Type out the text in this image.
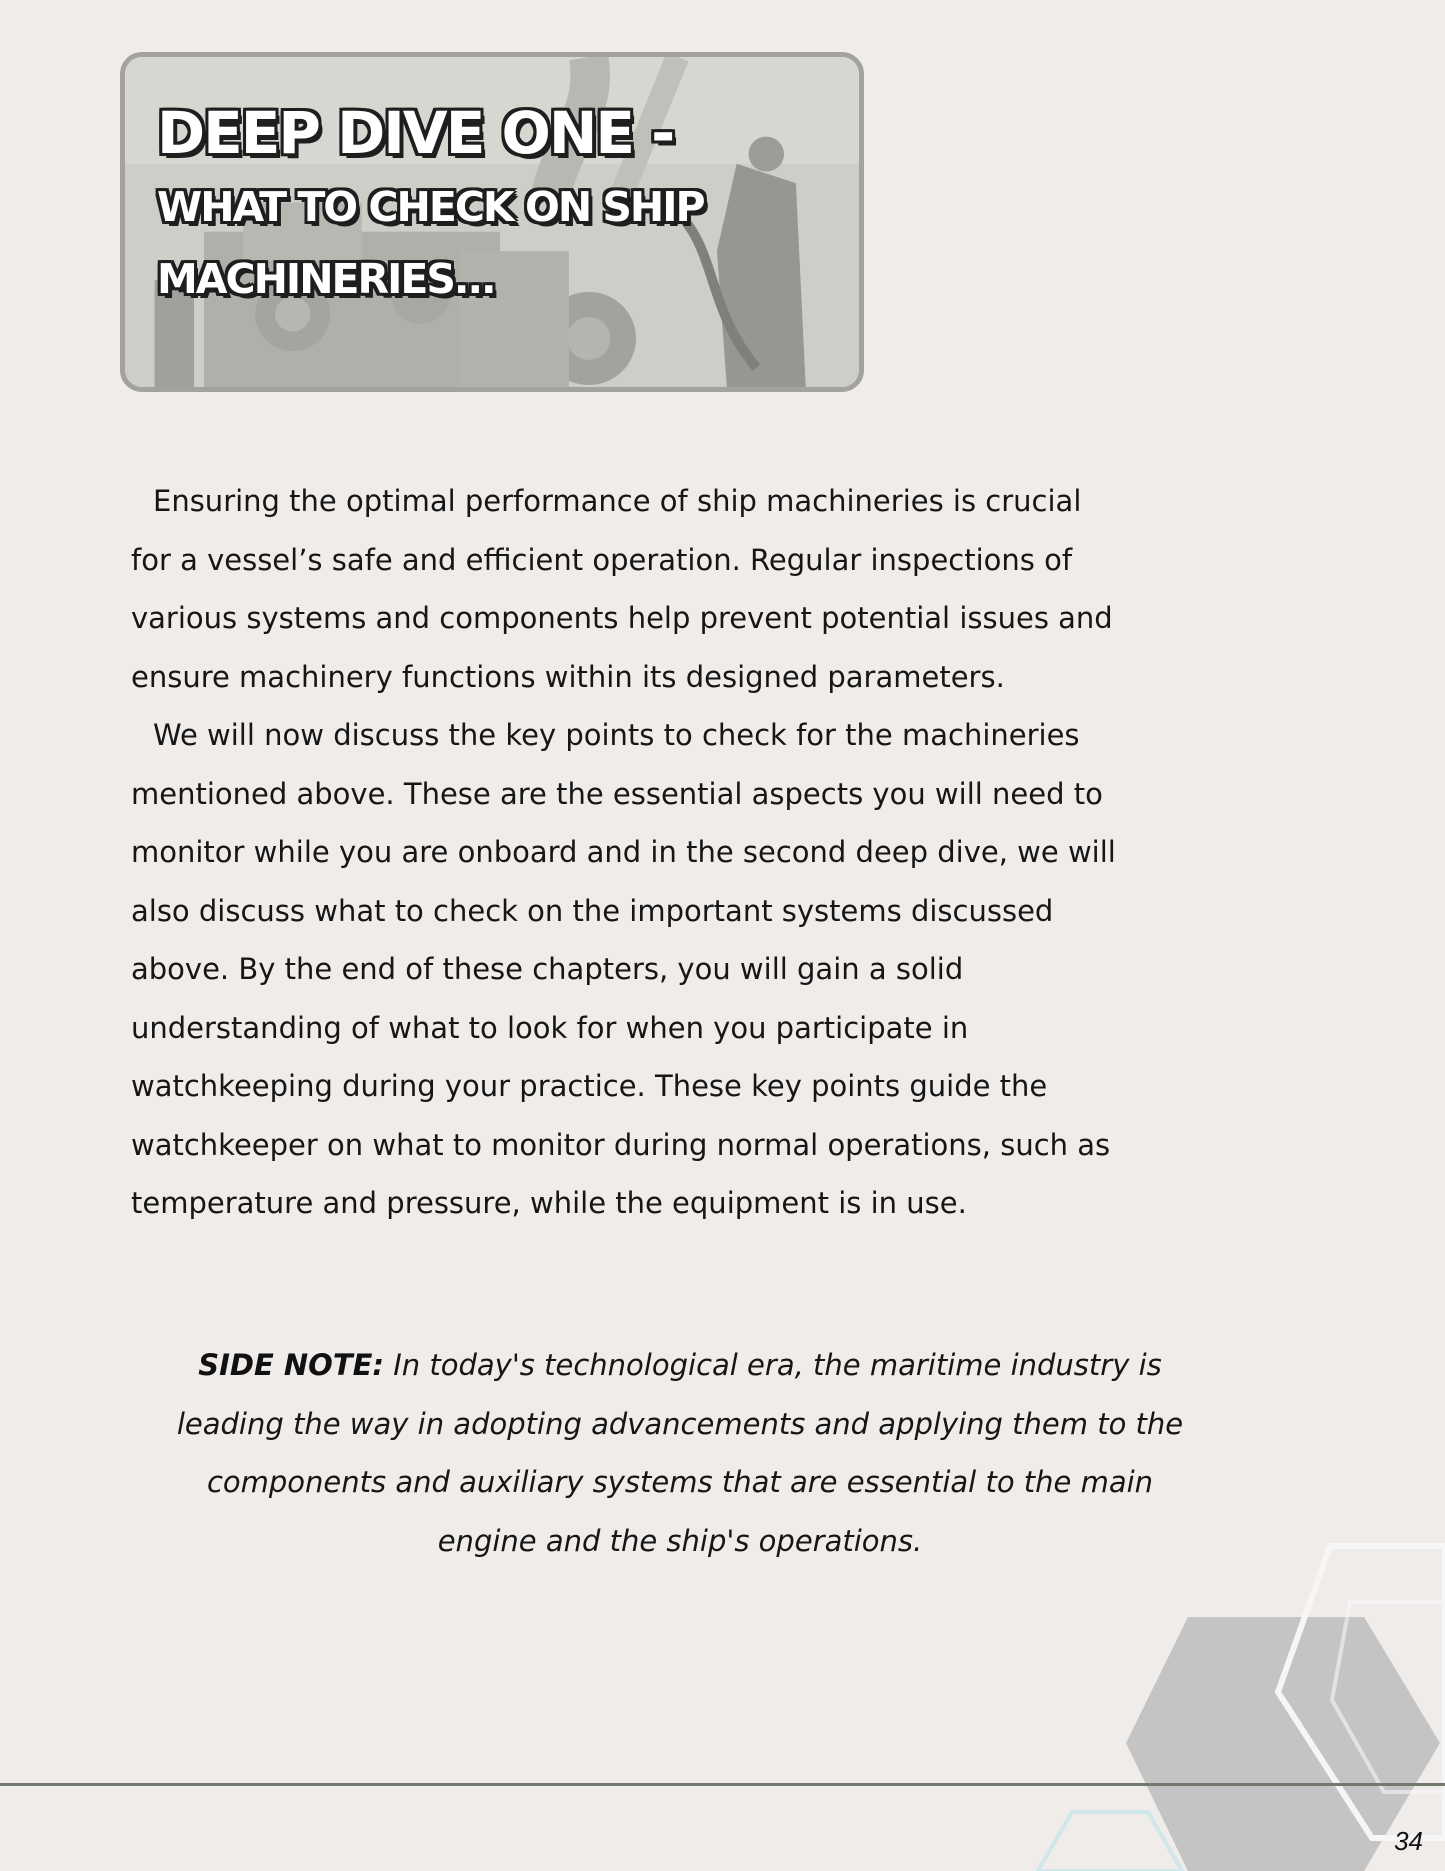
DEEP DIVE ONE -
WHAT TO CHECK ON SHIP
MACHINERIES...
Ensuring the optimal performance of ship machineries is crucial
for a vessel’s safe and efficient operation. Regular inspections of
various systems and components help prevent potential issues and
ensure machinery functions within its designed parameters.
We will now discuss the key points to check for the machineries
mentioned above. These are the essential aspects you will need to
monitor while you are onboard and in the second deep dive, we will
also discuss what to check on the important systems discussed
above. By the end of these chapters, you will gain a solid
understanding of what to look for when you participate in
watchkeeping during your practice. These key points guide the
watchkeeper on what to monitor during normal operations, such as
temperature and pressure, while the equipment is in use.
SIDE NOTE: In today's technological era, the maritime industry is
leading the way in adopting advancements and applying them to the
components and auxiliary systems that are essential to the main
engine and the ship's operations.
34
